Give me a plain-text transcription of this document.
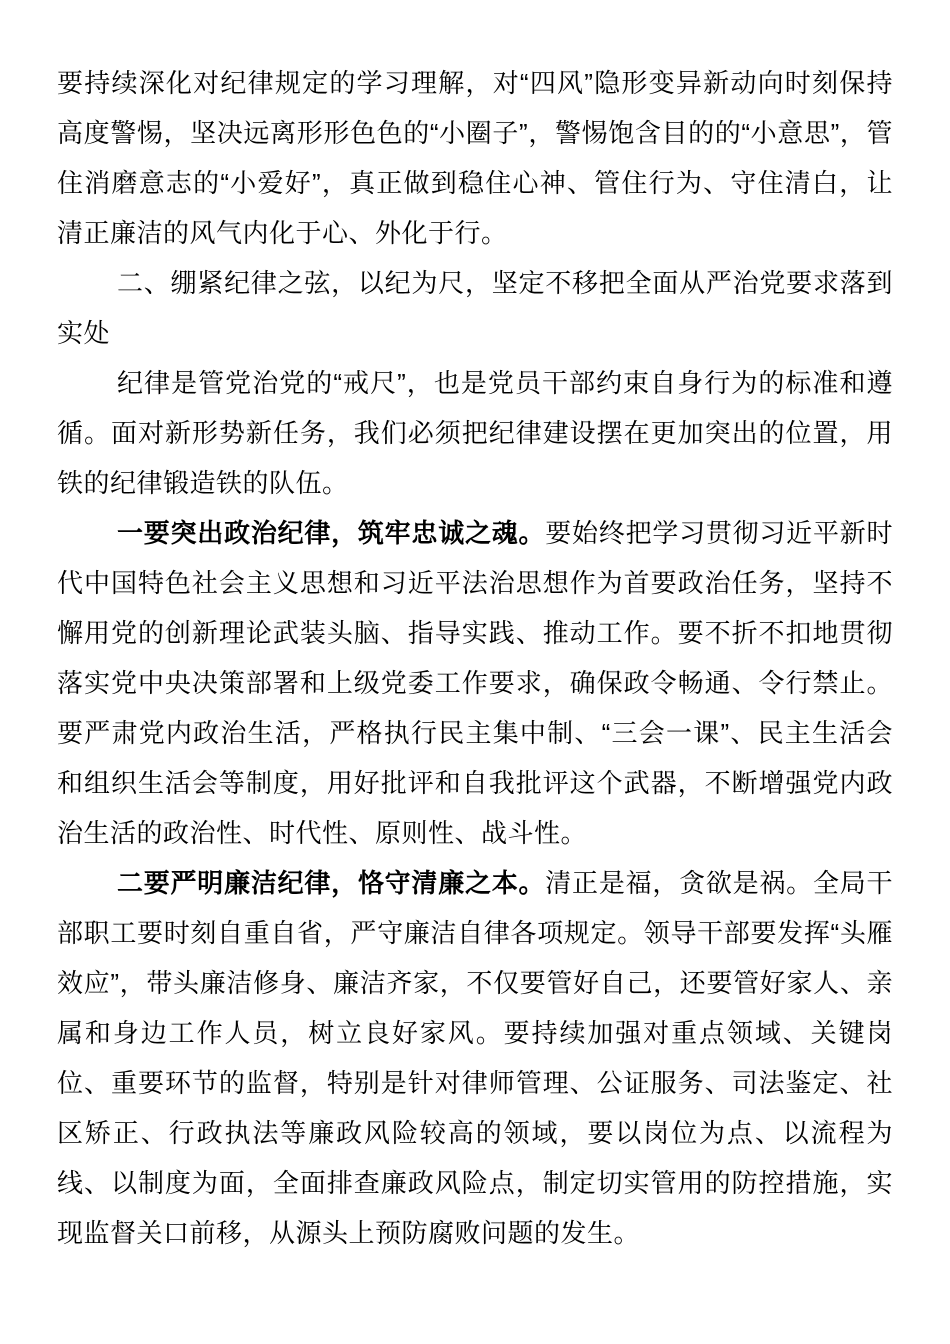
要持续深化对纪律规定的学习理解，对“四风”隐形变异新动向时刻保持高度警惕，坚决远离形形色色的“小圈子”，警惕饱含目的的“小意思”，管住消磨意志的“小爱好”，真正做到稳住心神、管住行为、守住清白，让清正廉洁的风气内化于心、外化于行。

二、绷紧纪律之弦，以纪为尺，坚定不移把全面从严治党要求落到实处

纪律是管党治党的“戒尺”，也是党员干部约束自身行为的标准和遵循。面对新形势新任务，我们必须把纪律建设摆在更加突出的位置，用铁的纪律锻造铁的队伍。

一要突出政治纪律，筑牢忠诚之魂。要始终把学习贯彻习近平新时代中国特色社会主义思想和习近平法治思想作为首要政治任务，坚持不懈用党的创新理论武装头脑、指导实践、推动工作。要不折不扣地贯彻落实党中央决策部署和上级党委工作要求，确保政令畅通、令行禁止。要严肃党内政治生活，严格执行民主集中制、“三会一课”、民主生活会和组织生活会等制度，用好批评和自我批评这个武器，不断增强党内政治生活的政治性、时代性、原则性、战斗性。

二要严明廉洁纪律，恪守清廉之本。清正是福，贪欲是祸。全局干部职工要时刻自重自省，严守廉洁自律各项规定。领导干部要发挥“头雁效应”，带头廉洁修身、廉洁齐家，不仅要管好自己，还要管好家人、亲属和身边工作人员，树立良好家风。要持续加强对重点领域、关键岗位、重要环节的监督，特别是针对律师管理、公证服务、司法鉴定、社区矫正、行政执法等廉政风险较高的领域，要以岗位为点、以流程为线、以制度为面，全面排查廉政风险点，制定切实管用的防控措施，实现监督关口前移，从源头上预防腐败问题的发生。
